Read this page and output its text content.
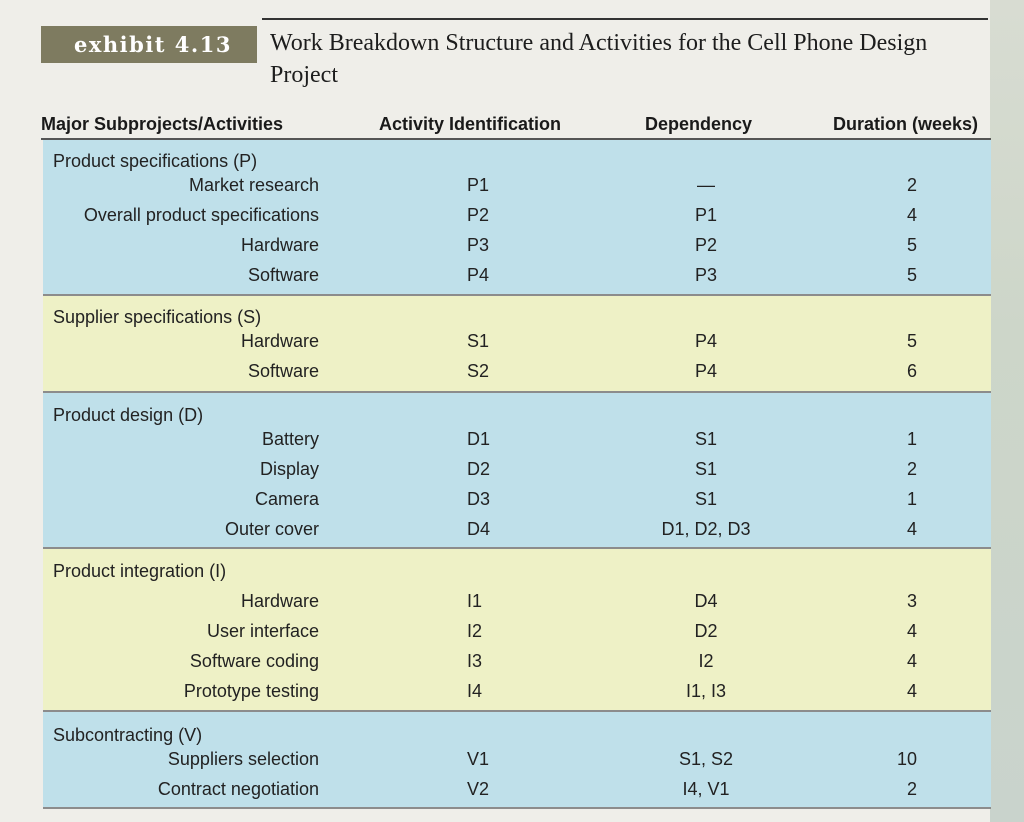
exhibit 4.13	Work Breakdown Structure and Activities for the Cell Phone Design Project
Major Subprojects/Activities	Activity Identification	Dependency	Duration (weeks)
Product specifications (P)
Market research	P1	—	2
Overall product specifications	P2	P1	4
Hardware	P3	P2	5
Software	P4	P3	5
Supplier specifications (S)
Hardware	S1	P4	5
Software	S2	P4	6
Product design (D)
Battery	D1	S1	1
Display	D2	S1	2
Camera	D3	S1	1
Outer cover	D4	D1, D2, D3	4
Product integration (I)
Hardware	I1	D4	3
User interface	I2	D2	4
Software coding	I3	I2	4
Prototype testing	I4	I1, I3	4
Subcontracting (V)
Suppliers selection	V1	S1, S2	10
Contract negotiation	V2	I4, V1	2
